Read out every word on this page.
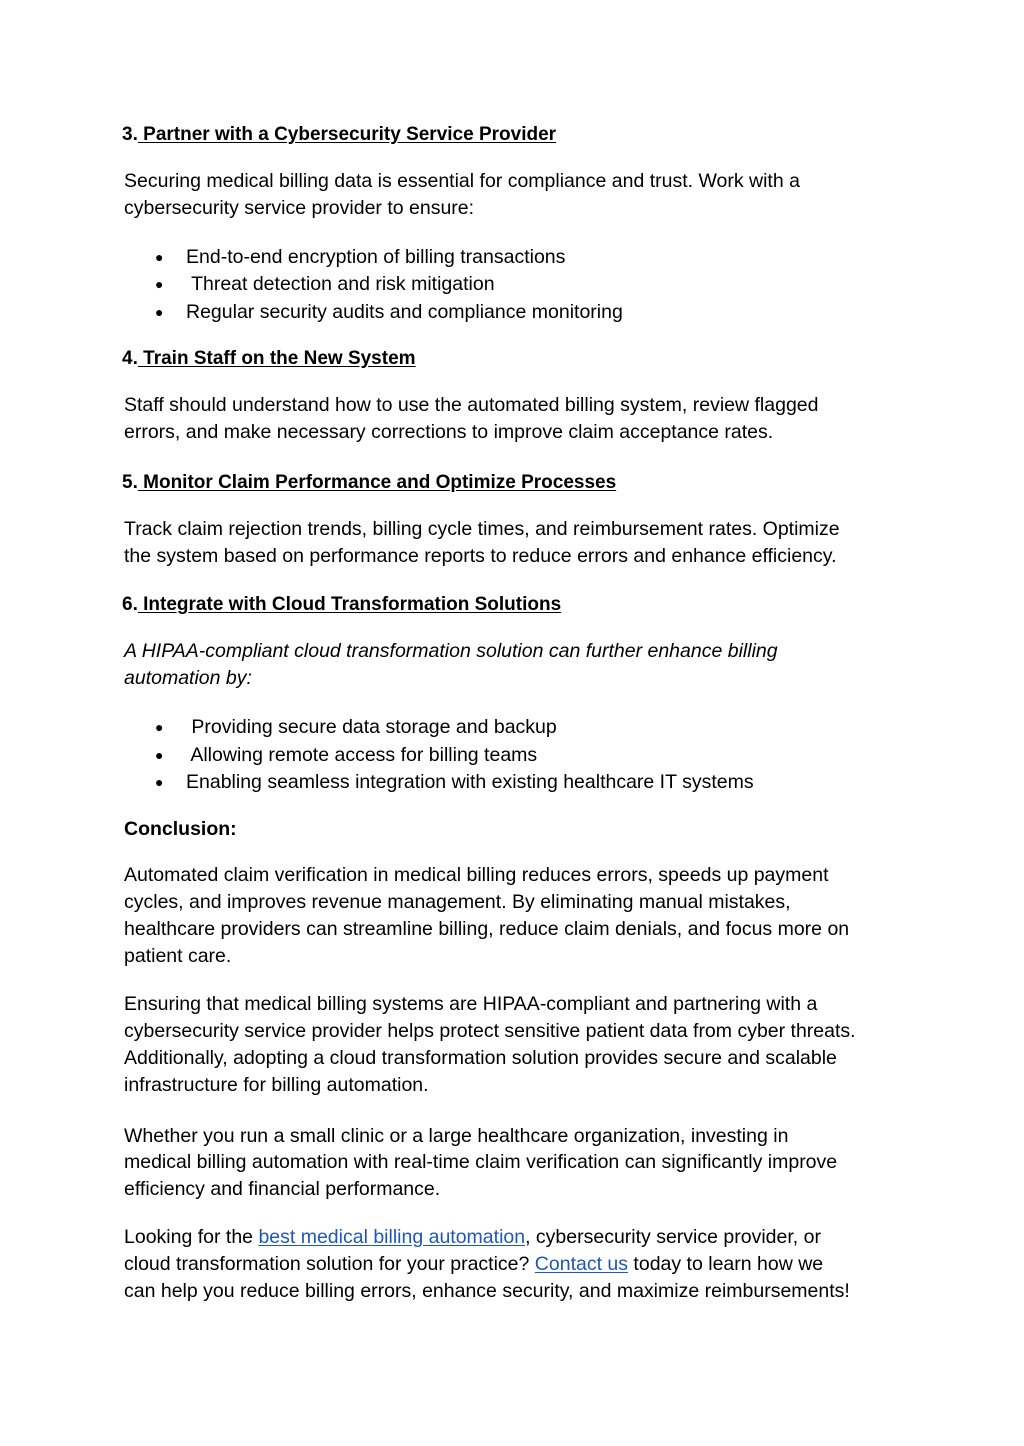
3. Partner with a Cybersecurity Service Provider
Securing medical billing data is essential for compliance and trust. Work with a
cybersecurity service provider to ensure:
● End-to-end encryption of billing transactions
● Threat detection and risk mitigation
● Regular security audits and compliance monitoring
4. Train Staff on the New System
Staff should understand how to use the automated billing system, review flagged
errors, and make necessary corrections to improve claim acceptance rates.
5. Monitor Claim Performance and Optimize Processes
Track claim rejection trends, billing cycle times, and reimbursement rates. Optimize
the system based on performance reports to reduce errors and enhance efficiency.
6. Integrate with Cloud Transformation Solutions
A HIPAA-compliant cloud transformation solution can further enhance billing
automation by:
● Providing secure data storage and backup
● Allowing remote access for billing teams
● Enabling seamless integration with existing healthcare IT systems
Conclusion:
Automated claim verification in medical billing reduces errors, speeds up payment
cycles, and improves revenue management. By eliminating manual mistakes,
healthcare providers can streamline billing, reduce claim denials, and focus more on
patient care.
Ensuring that medical billing systems are HIPAA-compliant and partnering with a
cybersecurity service provider helps protect sensitive patient data from cyber threats.
Additionally, adopting a cloud transformation solution provides secure and scalable
infrastructure for billing automation.
Whether you run a small clinic or a large healthcare organization, investing in
medical billing automation with real-time claim verification can significantly improve
efficiency and financial performance.
Looking for the best medical billing automation, cybersecurity service provider, or
cloud transformation solution for your practice? Contact us today to learn how we
can help you reduce billing errors, enhance security, and maximize reimbursements!
